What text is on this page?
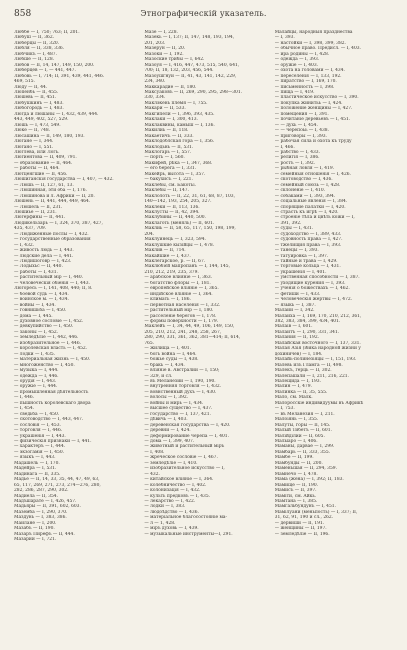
858	Этнографическій указатель.
Люббе — I, 750; 763; II, 201.
Любуш — II, 362.
Люберцы — II, 320.
Любля — II, 338, 336.
Любчикъ — I, 487.
Любше — II, 128.
Любов — II, 14, 147, 149, 150, 200.
Люберцев — I, — 441, 447.
Любовь — I, 714; II, 391, 439, 441, 446.
469, 515.
Люду — II, 44.
Люпенбь — II, 455.
Люшевь — II, 451.
Любушкинъ — I, 483.
Любогородь — I, 483.
Люгда и люшаны — I, 432, 439, 444.
443, 449, 402, 527, 529.
Люшь — I, 473, 549.
Люке — II, 748.
Люсашина — II, 149, 180, 193.
Люгане — I, 344.
Люгано — I, 551.
Люглева, или Логь.
Люгиентова — II, 409, 791.
— образование — II, 464.
— работы — II, 464.
Лютценгшие — II, 456.
Люшиганскія государства — I, 407, — 432.
— Люшь — II, 127, 61, 13.
— Люшинная, эти оба — I, 176.
— Люшинова и л. Африки — II, 20.
Люшень — II, 441, 444, 449, 464.
— Люшель — II, 231.
Люшиье — II, 231.
Люгерфины — II, 441.
Людикельзарь — I, 324, 370, 387, 427,
435, 437, 709.
— Людиженные послы — I, 432.
— государственные образования
— I, 432.
— живость людь — I, 443.
— людские дела — I, 441.
— Людишоговр — I, 423.
— Лодыхьс — II, 440.
— работы — I, 431.
— растительный мір — I, 440.
— человеческія обіенія — I, 443.
Люгоресь — I, 141, 408, 440; II, 8.
— боевой судь — I, 434.
— воинское м. — I, 434.
— войны — I, 434.
— говнишьба — I, 450.
— дома — I, 445.
— духовное сословіе — I, 452.
— девкупийство — I, 450.
— законы — I, 452.
— земледѣліе — I, 442, 446.
— изобразительное — I, 446.
— королевская власть — I, 452.
— лодки — I, 435.
— материальная жизнь — I, 450.
— многоженство — I, 450.
— музыка — I, 444.
— одежда — I, 446.
— орудія — I, 443.
— оружіе — I, 444.
— промышленная дѣятельность
— I, 446.
— пышность королевскаго двора
— I, 454.
— сведьба — I, 450.
— скотоводство — I, 443, 447.
— сословія — I, 453.
— торговля — I, 446.
— украшенія — I, 443.
— физическія признаки — I, 441.
— характеръ — I, 444.
— экзогамія — I, 450.
— языкъ — I, 443.
Мадашель — I, 170.
Мадейра — I, 531.
Мадинага — II, 335.
Мадье — II, 14, 33, 35, 44, 47, 49, 63,
65, 117, 269, 271, 273, 274—276, 280,
282, 286, 287, 290, 302.
Мадиела — II, 354.
Мадъшарате — I, 426, 457.
Мадьяры — II, 391, 602, 603.
Маземба — I, 290, 370.
Маздунь — I, 383, 386.
Маилане — I, 200.
Мазабъ — II, 190.
Мазаръ Пирефъ — II, 444.
Мазарии — I, 721.
Мазе — I, 228.
Мазекь — I, 137; II, 147, 148, 193, 194,
201, 203.
Мазерун — II, 20.
Мазоки — I, 192.
Мазоские трибы — I, 642.
Мазоуя — I, 416, 447, 473, 515, 540, 641,
700; II, 18, 132, 203, 456, 544.
Мазоушгнуи — II, 41, 43, 141, 142, 229,
234, 340.
Маккарадие — II, 180.
Максуаковъ — II, 269, 290, 295, 298—301.
330, 334.
Маклэкень племя — I, 755.
Макари — II, 533.
Макгипели — I, 396, 393, 435.
Маклаки — I, 300, 413.
Маклаквины, камыш — I, 136.
Макилиь — II, 118.
Макаетичъ — II, 333.
Маклодоблская гора — I, 356.
Маклодьнь — II, 531.
Маклогарь — I, 557.
— порть — I, 560.
Макифей, рѣка — I, 347, 368.
— его берега — I, 331.
Макейрь, высота — I, 357.
— бакухисъ — I, 221.
Маклебы, см. Бакотьі.
Маклебы — II, 147.
Маклолоть — II, 22, 31, 61, 68, 87, 103,
140—142, 193, 254, 205, 327.
Маклеки — II, 113, 136.
Маклусты — II, 42, 394.
Маклубины — II, 440, 500.
Маклаготь (меняль) — II, 601.
Маклиь — II, 58, 65, 117, 150, 198, 199,
204.
Маклуинець — I, 323, 594.
Маклушкие кызійцы — I, 478.
Маклив — II, 714.
Макайшие — I, 437.
Маклегарское, р. — II, 67.
Маклюбієй мапропанъ — I, 144, 145,
210, 212, 219, 235, 379.
— арабское влияніе — I, 363.
— богатство флоры — I, 181.
— европейское вліяніе — I, 365.
— индійское вліяніе — I, 364.
— климать — I, 186.
— первотная населенія — I, 332.
— растительный мір — I, 180.
— расселеніе берегов — I, 178.
— формы поверхности — I, 179.
Маклейъ — I, 34, 44, 49, 106, 149, 150,
205, 210, 212, 241, 248, 258, 267,
280, 290, 331, 361, 362, 381—414; II, 614,
765.
— жилища — I, 401.
— богь война — I, 464.
— божье суды — I, 438.
— бракь — I, 434.
— вліяніе в. Австралии — I, 150;
— 329, и сл.
— въ Меланезии — I, 190, 190.
— внутренняя торговля — I, 432.
— вовнственный духъ — I, 430.
— волосы — I, 392.
— войны и мирь — I, 434.
— высшее существо — I, 437.
— государство — I, 137, 421.
— дѣвичь — I, 403.
— деревенская государства — I, 420.
— деревни — I, 424.
— деформирование черепа — I, 401.
— дома — I, 399, 407.
— животный и растительный міръ
— I, 408.
— жреческое сословіе — I, 467.
— земледѣліе — I, 410.
— изобразительное искусство — I,
— 432.
— китайское вліяніе — I, 364.
— колебничество — I, 402.
— колонизація — I, 432.
— культь предковъ — I, 435.
— лекарство — I, 422.
— лодки — I, 383.
— людоѣдство — I, 436.
— матеріальное благосостояніе ма-
— л — 1, 428.
— міръ духовь — I, 439.
— музыкальные инструменты—I, 291.
Малайцы, народныя празднества
— I, 393.
— настойки — I, 398, 399, 382.
— обычное право. Предисл. — I, 403.
— ира родины — I, 428.
— одежда — I, 393.
— оружіе — I, 403.
— охота на головами — I, 434.
— переселенія — I, 133, 192.
— пиратство — I, 169, 170.
— письменность — I, 398.
— пища — I, 419.
— пластическое искусство — I, 390.
— покупка жинитьь — I, 424.
— положение женщины — I, 427.
— помещения — I, 391.
— почитаніе деревьевъ — I, 451.
— — духь — I, 454.
— — черепоьь — I, 438.
— приговоры — I, 393.
— рабочая сила и охота къ труду
— I, 466.
— рабство — I, 433.
— религія — I, 386.
— ростъ — I, 392.
— рыбная ловля — I, 419.
— семейныя отношенія — I, 426.
— скотоводство — I, 436.
— семейный союзь — I, 428.
— склоненіе — I, 410.
— собаками — I, 393, 394.
— соціальные явленія — I, 384.
— спорящие палатки — I, 420.
— страсть къ игрѣ — I, 420.
— строеніе тѣла и цвѣть кожи — I,
— 391, 392.
— суды — I, 431.
— судоходство — I, 389, 433.
— судовность права — I, 427.
— тжелищия права — I, 393.
— танецы — I, 393.
— татуировка — I, 397.
— тайные и трава — I, 429.
— торговые кольца — I, 431.
— украшенія — I, 401.
— умственная способности — I, 387.
— уходящие курения — I, 393.
— ученія о божествахъ — I, 462.
— фетиши — I, 433.
— человеческія жертвы — I, 472.
— языкь — I, 387.
Малаии — I, 342.
Малаиха — I, 169, 170, 210, 212, 361,
382, 383, 384, 399, 434, 401.
Малаів — I, 601.
Малаитъ — I, 290, 331, 341.
Малания — II, 192.
Малайская восточного — I, 137, 331.
Малая Азія (ібика народной жизни у
дохиничев) — I, 184.
Малайь-полинезіяцы — I, 151, 193.
Малевь изъ Гламга — II, 498.
Малекъ, герць — II, 302.
Малепашали — I, 211, 216, 221.
Малещида — I, 193.
Малин — I, 479.
Малинка — II, 35, 555.
Мало, см. Малк.
Малоросскіе индивидуумы въ Африкѣ
— I, 753.
— въ Меланезия — I, 211.
Малоіянь — I, 355.
Малуты, горы — II, 145.
Малый Тибетъ — II, 601.
Малійділии — II, 605.
Малыаро — I, 406.
Маманы, дарвае — I, 299.
Мамбарь — II, 333, 355.
Мамбе — II, 199.
Мамбунды — II, 200.
Маменьшая — II, 294, 359.
Мамнечо — I, 478.
Мама (жена) — I, 392; II, 183.
Мамище — II, 190.
Мамисъ — II, 397.
Маміти, см. Айкь.
Мамтана — I, 385.
Мамгальбундунъ — I, 451.
Мамілуани (меньпость) — I, 337; II,
31, 62, 91, 190 и сл., 262.
— дервиши — II, 191.
— женщины — II, 197.
— земледѣліе — II, 196.
